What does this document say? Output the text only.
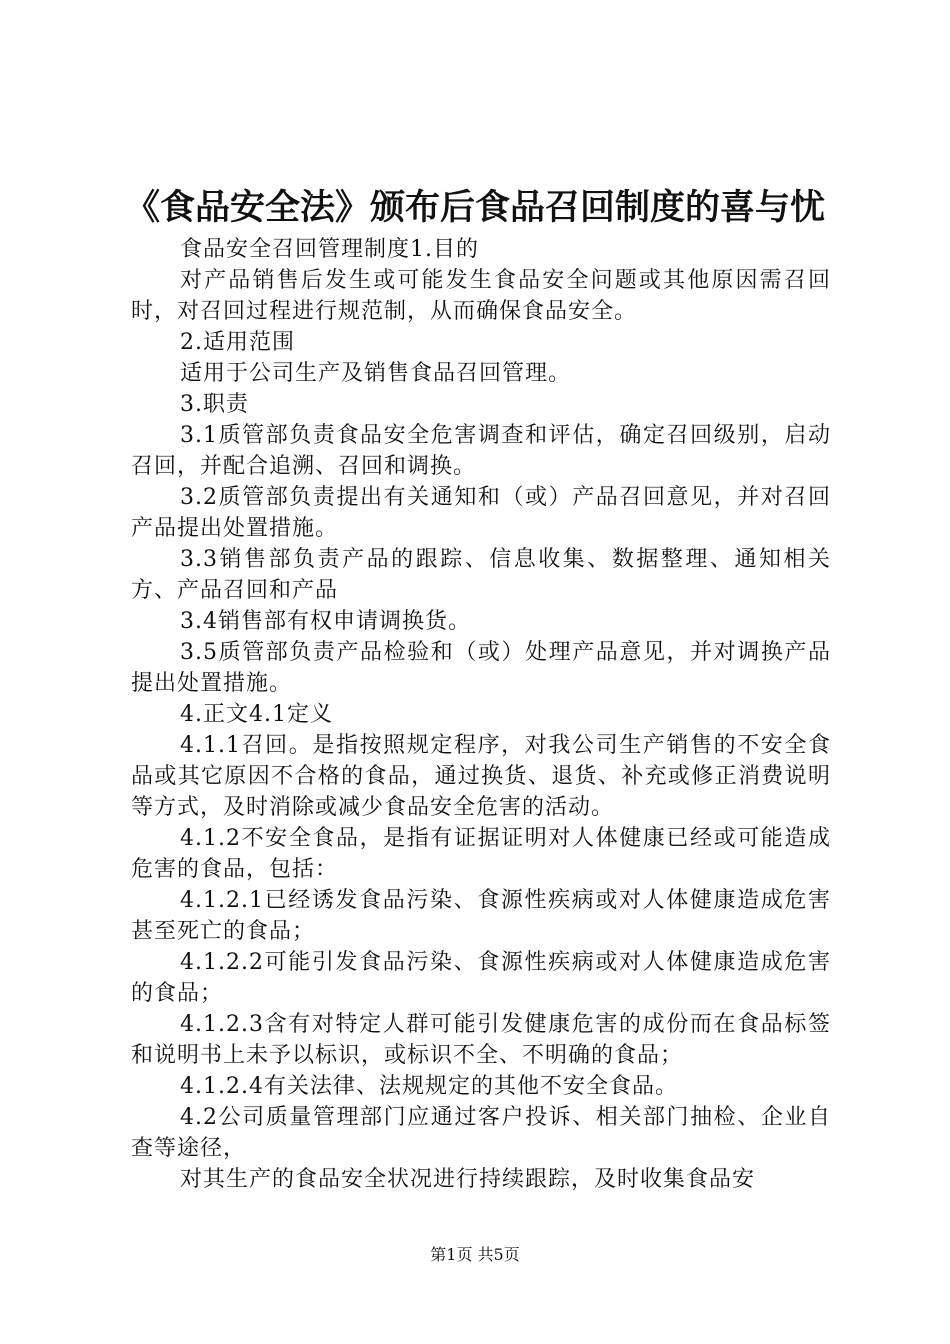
《食品安全法》颁布后食品召回制度的喜与忧

食品安全召回管理制度1.目的

对产品销售后发生或可能发生食品安全问题或其他原因需召回时，对召回过程进行规范制，从而确保食品安全。

2.适用范围

适用于公司生产及销售食品召回管理。

3.职责

3.1质管部负责食品安全危害调查和评估，确定召回级别，启动召回，并配合追溯、召回和调换。

3.2质管部负责提出有关通知和（或）产品召回意见，并对召回产品提出处置措施。

3.3销售部负责产品的跟踪、信息收集、数据整理、通知相关方、产品召回和产品

3.4销售部有权申请调换货。

3.5质管部负责产品检验和（或）处理产品意见，并对调换产品提出处置措施。

4.正文4.1定义

4.1.1召回。是指按照规定程序，对我公司生产销售的不安全食品或其它原因不合格的食品，通过换货、退货、补充或修正消费说明等方式，及时消除或减少食品安全危害的活动。

4.1.2不安全食品，是指有证据证明对人体健康已经或可能造成危害的食品，包括：

4.1.2.1已经诱发食品污染、食源性疾病或对人体健康造成危害甚至死亡的食品；

4.1.2.2可能引发食品污染、食源性疾病或对人体健康造成危害的食品；

4.1.2.3含有对特定人群可能引发健康危害的成份而在食品标签和说明书上未予以标识，或标识不全、不明确的食品；

4.1.2.4有关法律、法规规定的其他不安全食品。

4.2公司质量管理部门应通过客户投诉、相关部门抽检、企业自查等途径，

对其生产的食品安全状况进行持续跟踪，及时收集食品安

第1页 共5页
